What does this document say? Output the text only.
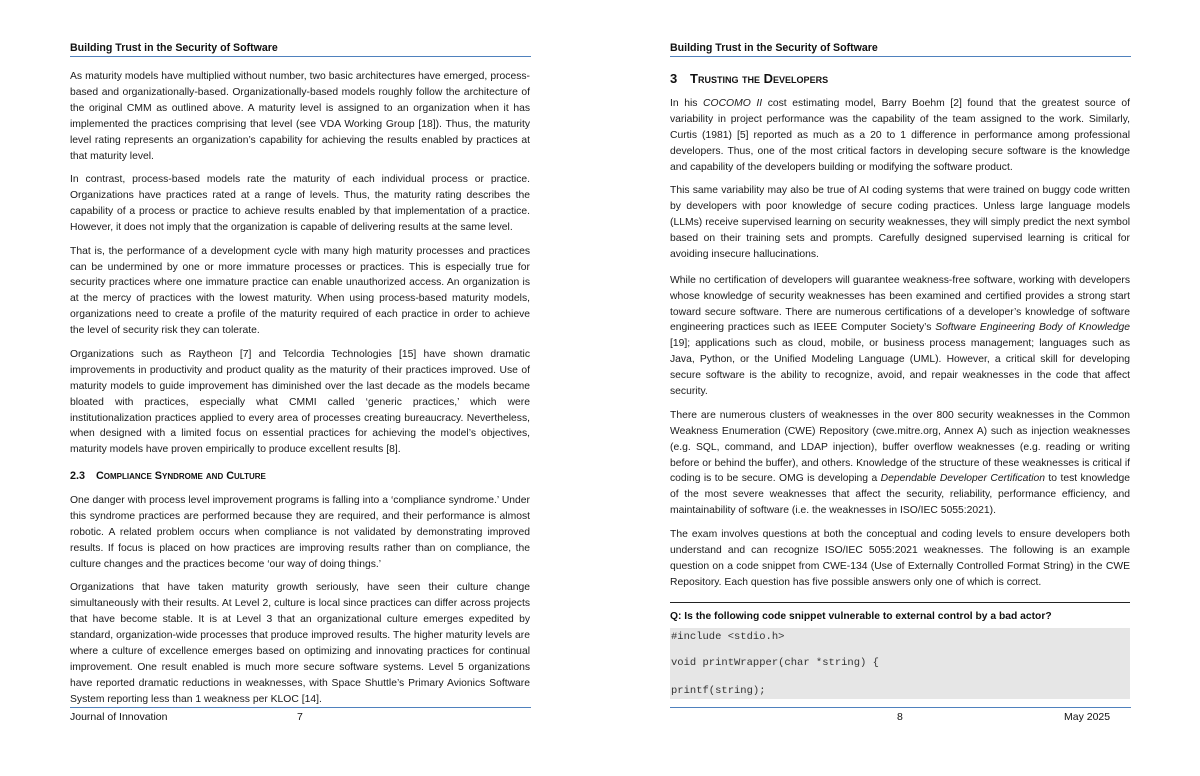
Building Trust in the Security of Software

As maturity models have multiplied without number, two basic architectures have emerged, process-based and organizationally-based. Organizationally-based models roughly follow the architecture of the original CMM as outlined above. A maturity level is assigned to an organization when it has implemented the practices comprising that level (see VDA Working Group [18]). Thus, the maturity level rating represents an organization’s capability for achieving the results enabled by practices at that maturity level.

In contrast, process-based models rate the maturity of each individual process or practice. Organizations have practices rated at a range of levels. Thus, the maturity rating describes the capability of a process or practice to achieve results enabled by that implementation of a practice. However, it does not imply that the organization is capable of delivering results at the same level.

That is, the performance of a development cycle with many high maturity processes and practices can be undermined by one or more immature processes or practices. This is especially true for security practices where one immature practice can enable unauthorized access. An organization is at the mercy of practices with the lowest maturity. When using process-based maturity models, organizations need to create a profile of the maturity required of each practice in order to achieve the level of security risk they can tolerate.

Organizations such as Raytheon [7] and Telcordia Technologies [15] have shown dramatic improvements in productivity and product quality as the maturity of their practices improved. Use of maturity models to guide improvement has diminished over the last decade as the models became bloated with practices, especially what CMMI called ‘generic practices,’ which were institutionalization practices applied to every area of processes creating bureaucracy. Nevertheless, when designed with a limited focus on essential practices for achieving the model’s objectives, maturity models have proven empirically to produce excellent results [8].

2.3 Compliance Syndrome and Culture

One danger with process level improvement programs is falling into a ‘compliance syndrome.’ Under this syndrome practices are performed because they are required, and their performance is almost robotic. A related problem occurs when compliance is not validated by demonstrating improved results. If focus is placed on how practices are improving results rather than on compliance, the culture changes and the practices become ‘our way of doing things.’

Organizations that have taken maturity growth seriously, have seen their culture change simultaneously with their results. At Level 2, culture is local since practices can differ across projects that have become stable. It is at Level 3 that an organizational culture emerges expedited by standard, organization-wide processes that produce improved results. The higher maturity levels are where a culture of excellence emerges based on optimizing and innovating practices for continual improvement. One result enabled is much more secure software systems. Level 5 organizations have reported dramatic reductions in weaknesses, with Space Shuttle’s Primary Avionics Software System reporting less than 1 weakness per KLOC [14].

Journal of Innovation	7
Building Trust in the Security of Software
3 Trusting the Developers

In his COCOMO II cost estimating model, Barry Boehm [2] found that the greatest source of variability in project performance was the capability of the team assigned to the work. Similarly, Curtis (1981) [5] reported as much as a 20 to 1 difference in performance among professional developers. Thus, one of the most critical factors in developing secure software is the knowledge and capability of the developers building or modifying the software product.

This same variability may also be true of AI coding systems that were trained on buggy code written by developers with poor knowledge of secure coding practices. Unless large language models (LLMs) receive supervised learning on security weaknesses, they will simply predict the next symbol based on their training sets and prompts. Carefully designed supervised learning is critical for avoiding insecure hallucinations.

While no certification of developers will guarantee weakness-free software, working with developers whose knowledge of security weaknesses has been examined and certified provides a strong start toward secure software. There are numerous certifications of a developer’s knowledge of software engineering practices such as IEEE Computer Society’s Software Engineering Body of Knowledge [19]; applications such as cloud, mobile, or business process management; languages such as Java, Python, or the Unified Modeling Language (UML). However, a critical skill for developing secure software is the ability to recognize, avoid, and repair weaknesses in the code that affect security.

There are numerous clusters of weaknesses in the over 800 security weaknesses in the Common Weakness Enumeration (CWE) Repository (cwe.mitre.org, Annex A) such as injection weaknesses (e.g. SQL, command, and LDAP injection), buffer overflow weaknesses (e.g. reading or writing before or behind the buffer), and others. Knowledge of the structure of these weaknesses is critical if coding is to be secure. OMG is developing a Dependable Developer Certification to test knowledge of the most severe weaknesses that affect the security, reliability, performance efficiency, and maintainability of software (i.e. the weaknesses in ISO/IEC 5055:2021).

The exam involves questions at both the conceptual and coding levels to ensure developers both understand and can recognize ISO/IEC 5055:2021 weaknesses. The following is an example question on a code snippet from CWE-134 (Use of Externally Controlled Format String) in the CWE Repository. Each question has five possible answers only one of which is correct.

8	May 2025
Q: Is the following code snippet vulnerable to external control by a bad actor?
#include <stdio.h>
void printWrapper(char *string) {
printf(string);
